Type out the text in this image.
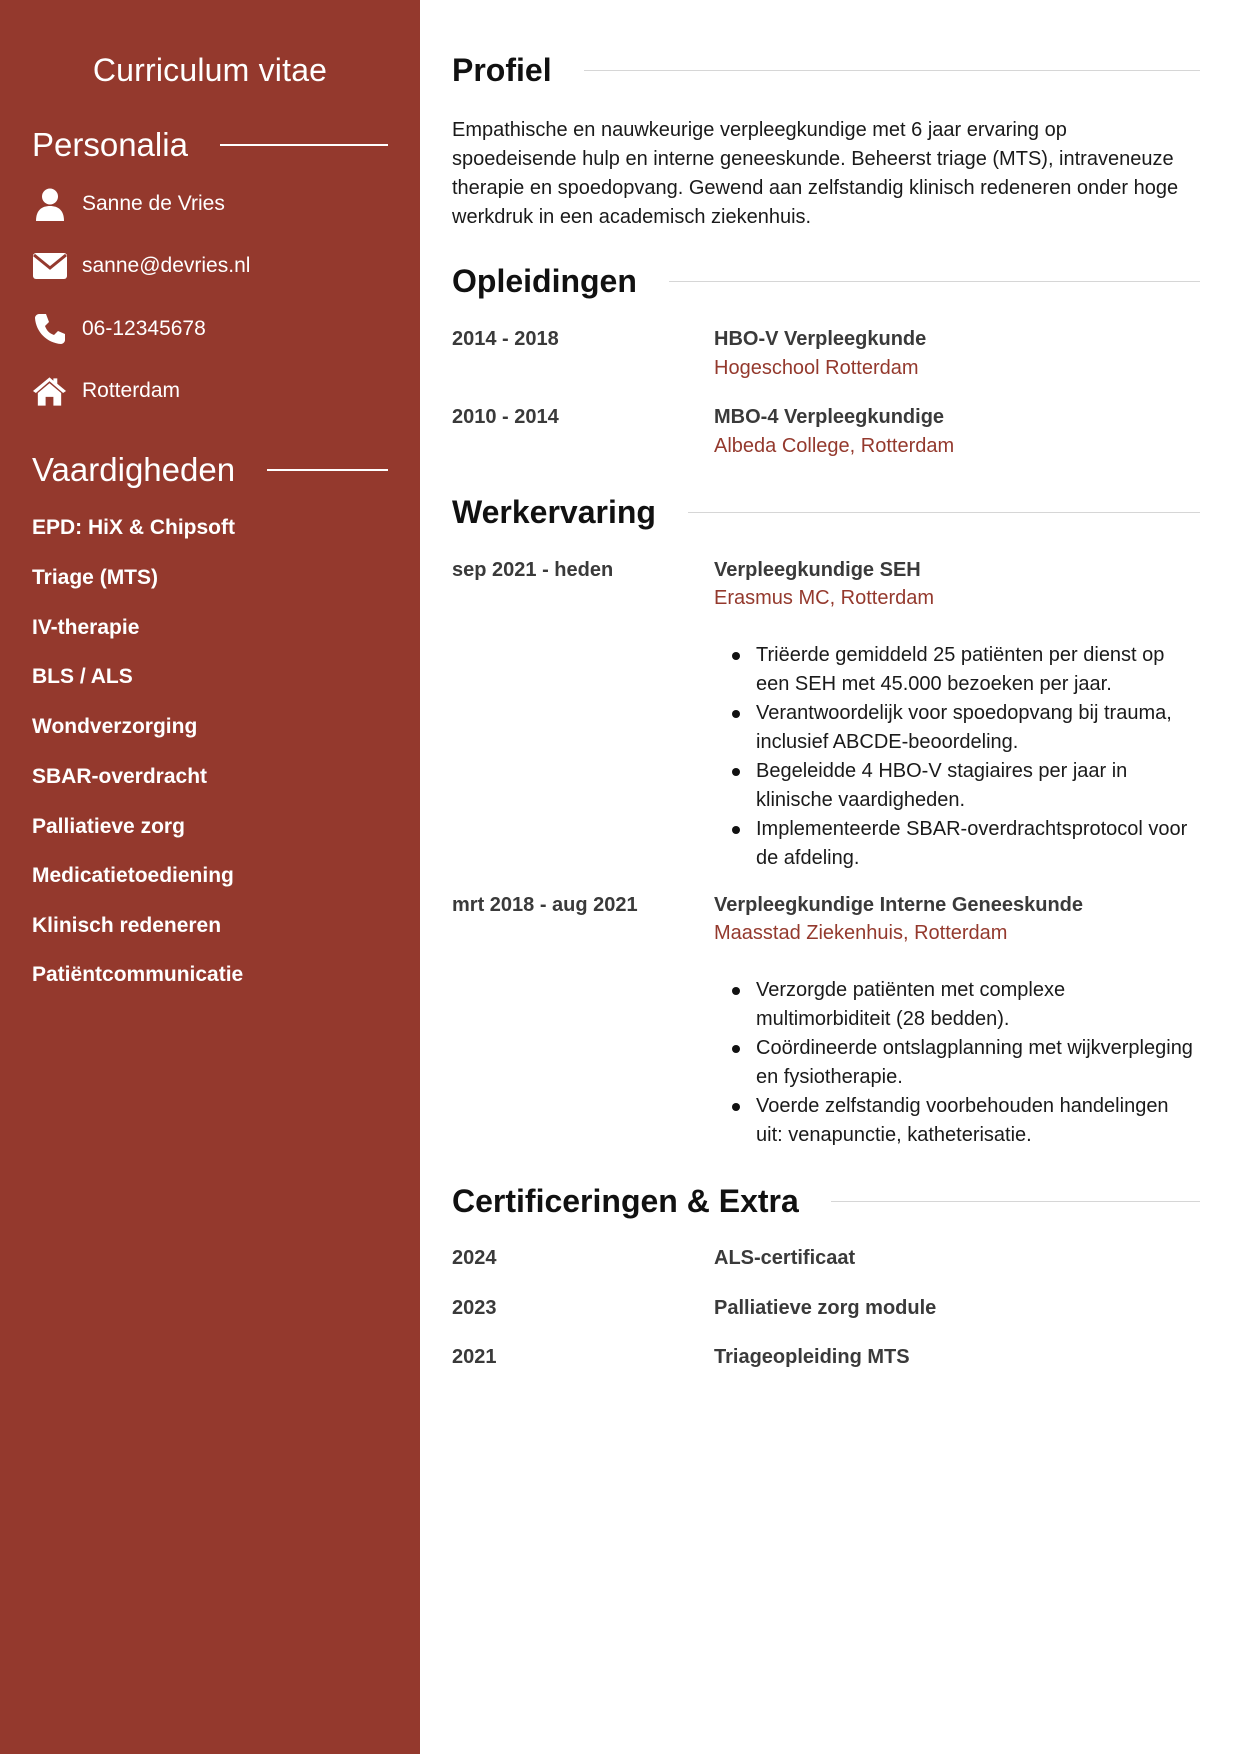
Curriculum vitae
Personalia
Sanne de Vries
sanne@devries.nl
06-12345678
Rotterdam
Vaardigheden
EPD: HiX & Chipsoft
Triage (MTS)
IV-therapie
BLS / ALS
Wondverzorging
SBAR-overdracht
Palliatieve zorg
Medicatietoediening
Klinisch redeneren
Patiëntcommunicatie
Profiel
Empathische en nauwkeurige verpleegkundige met 6 jaar ervaring op spoedeisende hulp en interne geneeskunde. Beheerst triage (MTS), intraveneuze therapie en spoedopvang. Gewend aan zelfstandig klinisch redeneren onder hoge werkdruk in een academisch ziekenhuis.
Opleidingen
2014 - 2018	HBO-V Verpleegkunde
Hogeschool Rotterdam
2010 - 2014	MBO-4 Verpleegkundige
Albeda College, Rotterdam
Werkervaring
sep 2021 - heden	Verpleegkundige SEH
Erasmus MC, Rotterdam
Triëerde gemiddeld 25 patiënten per dienst op een SEH met 45.000 bezoeken per jaar.
Verantwoordelijk voor spoedopvang bij trauma, inclusief ABCDE-beoordeling.
Begeleidde 4 HBO-V stagiaires per jaar in klinische vaardigheden.
Implementeerde SBAR-overdrachtsprotocol voor de afdeling.
mrt 2018 - aug 2021	Verpleegkundige Interne Geneeskunde
Maasstad Ziekenhuis, Rotterdam
Verzorgde patiënten met complexe multimorbiditeit (28 bedden).
Coördineerde ontslagplanning met wijkverpleging en fysiotherapie.
Voerde zelfstandig voorbehouden handelingen uit: venapunctie, katheterisatie.
Certificeringen & Extra
2024	ALS-certificaat
2023	Palliatieve zorg module
2021	Triageopleiding MTS
